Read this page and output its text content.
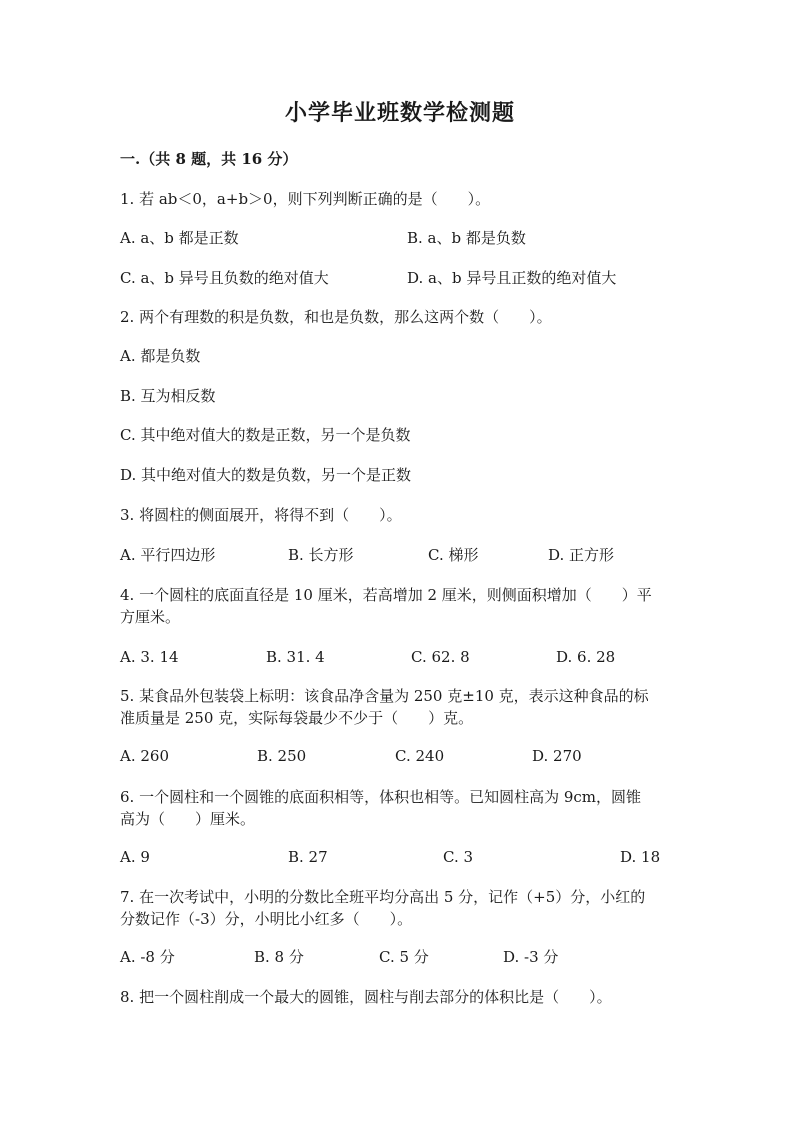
小学毕业班数学检测题
一.（共 8 题，共 16 分）
1. 若 ab＜0，a+b＞0，则下列判断正确的是（　　）。
A. a、b 都是正数	B. a、b 都是负数
C. a、b 异号且负数的绝对值大	D. a、b 异号且正数的绝对值大
2. 两个有理数的积是负数，和也是负数，那么这两个数（　　）。
A. 都是负数
B. 互为相反数
C. 其中绝对值大的数是正数，另一个是负数
D. 其中绝对值大的数是负数，另一个是正数
3. 将圆柱的侧面展开，将得不到（　　）。
A. 平行四边形	B. 长方形	C. 梯形	D. 正方形
4. 一个圆柱的底面直径是 10 厘米，若高增加 2 厘米，则侧面积增加（　　）平
方厘米。
A. 3. 14	B. 31. 4	C. 62. 8	D. 6. 28
5. 某食品外包装袋上标明：该食品净含量为 250 克±10 克，表示这种食品的标
准质量是 250 克，实际每袋最少不少于（　　）克。
A. 260	B. 250	C. 240	D. 270
6. 一个圆柱和一个圆锥的底面积相等，体积也相等。已知圆柱高为 9cm，圆锥
高为（　　）厘米。
A. 9	B. 27	C. 3	D. 18
7. 在一次考试中，小明的分数比全班平均分高出 5 分，记作（+5）分，小红的
分数记作（-3）分，小明比小红多（　　）。
A. -8 分	B. 8 分	C. 5 分	D. -3 分
8. 把一个圆柱削成一个最大的圆锥，圆柱与削去部分的体积比是（　　）。
